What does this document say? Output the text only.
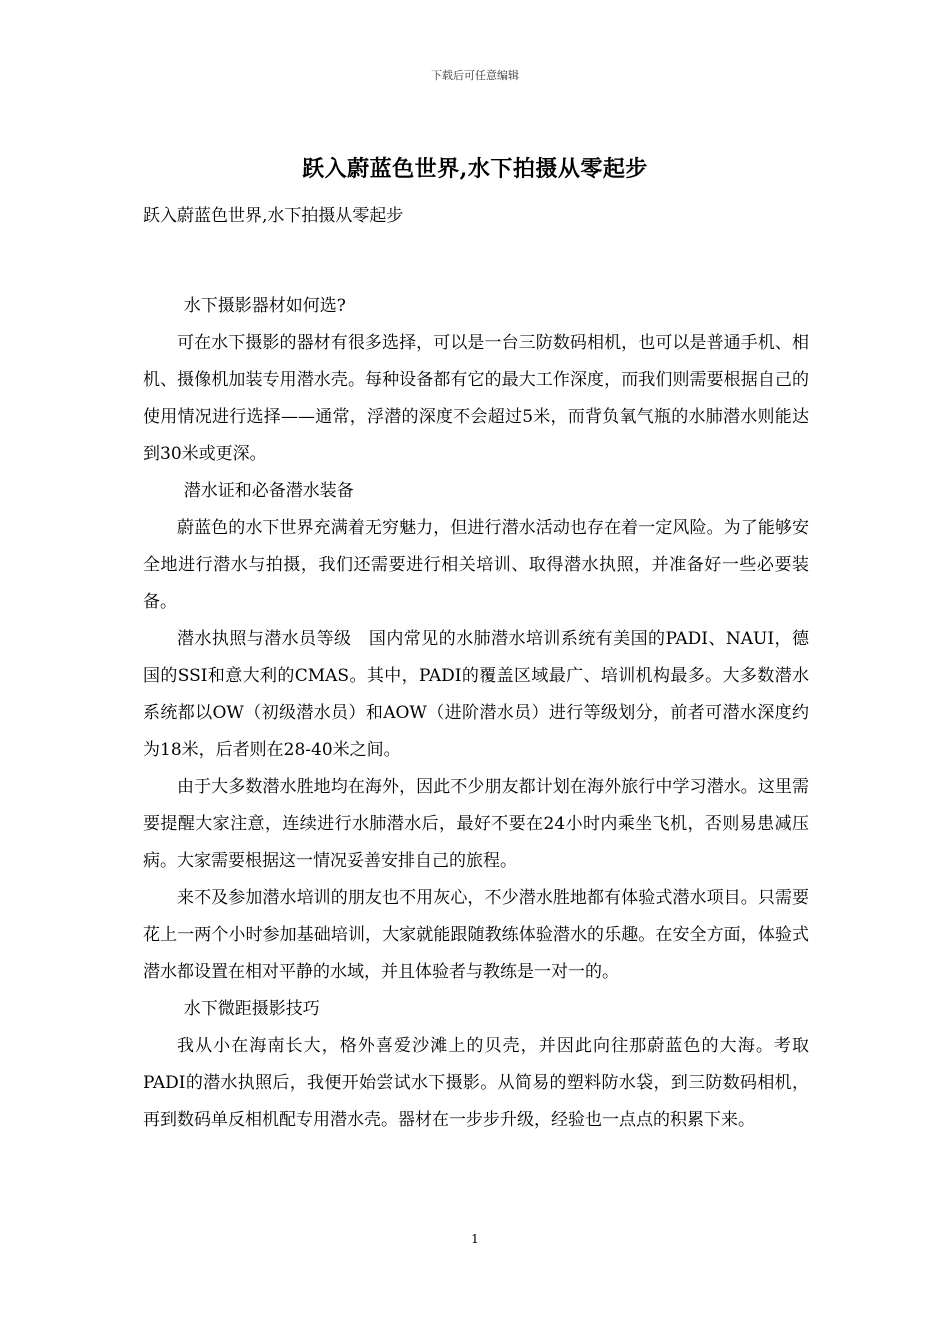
下载后可任意编辑
跃入蔚蓝色世界,水下拍摄从零起步

跃入蔚蓝色世界,水下拍摄从零起步

水下摄影器材如何选?

可在水下摄影的器材有很多选择，可以是一台三防数码相机，也可以是普通手机、相机、摄像机加装专用潜水壳。每种设备都有它的最大工作深度，而我们则需要根据自己的使用情况进行选择——通常，浮潜的深度不会超过5米，而背负氧气瓶的水肺潜水则能达到30米或更深。

潜水证和必备潜水装备

蔚蓝色的水下世界充满着无穷魅力，但进行潜水活动也存在着一定风险。为了能够安全地进行潜水与拍摄，我们还需要进行相关培训、取得潜水执照，并准备好一些必要装备。

潜水执照与潜水员等级　国内常见的水肺潜水培训系统有美国的PADI、NAUI，德国的SSI和意大利的CMAS。其中，PADI的覆盖区域最广、培训机构最多。大多数潜水系统都以OW（初级潜水员）和AOW（进阶潜水员）进行等级划分，前者可潜水深度约为18米，后者则在28-40米之间。

由于大多数潜水胜地均在海外，因此不少朋友都计划在海外旅行中学习潜水。这里需要提醒大家注意，连续进行水肺潜水后，最好不要在24小时内乘坐飞机，否则易患减压病。大家需要根据这一情况妥善安排自己的旅程。

来不及参加潜水培训的朋友也不用灰心，不少潜水胜地都有体验式潜水项目。只需要花上一两个小时参加基础培训，大家就能跟随教练体验潜水的乐趣。在安全方面，体验式潜水都设置在相对平静的水域，并且体验者与教练是一对一的。

水下微距摄影技巧

我从小在海南长大，格外喜爱沙滩上的贝壳，并因此向往那蔚蓝色的大海。考取PADI的潜水执照后，我便开始尝试水下摄影。从简易的塑料防水袋，到三防数码相机，再到数码单反相机配专用潜水壳。器材在一步步升级，经验也一点点的积累下来。

1
